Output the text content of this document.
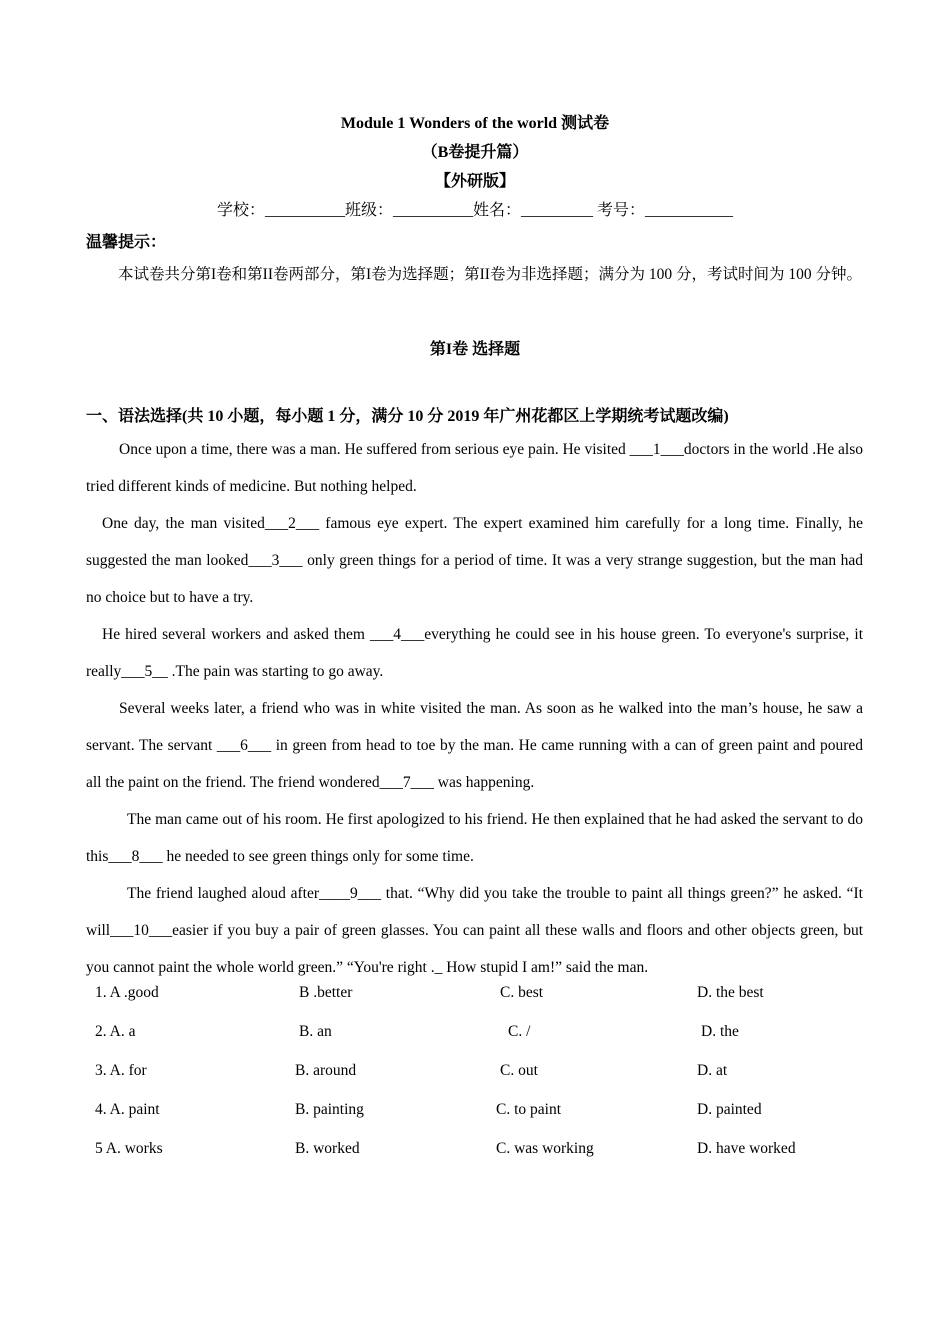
Module 1 Wonders of the world 测试卷
（B卷提升篇）
【外研版】
学校：__________班级：__________姓名：_________ 考号：___________
温馨提示：
本试卷共分第I卷和第II卷两部分，第I卷为选择题；第II卷为非选择题；满分为 100 分，考试时间为 100 分钟。
第I卷 选择题
一、语法选择(共 10 小题，每小题 1 分，满分 10 分 2019 年广州花都区上学期统考试题改编)

Once upon a time, there was a man. He suffered from serious eye pain. He visited ___1___doctors in the world .He also tried different kinds of medicine. But nothing helped.

One day, the man visited___2___ famous eye expert. The expert examined him carefully for a long time. Finally, he suggested the man looked___3___ only green things for a period of time. It was a very strange suggestion, but the man had no choice but to have a try.

He hired several workers and asked them ___4___everything he could see in his house green. To everyone's surprise, it really___5__ .The pain was starting to go away.

Several weeks later, a friend who was in white visited the man. As soon as he walked into the man’s house, he saw a servant. The servant ___6___ in green from head to toe by the man. He came running with a can of green paint and poured all the paint on the friend. The friend wondered___7___ was happening.

The man came out of his room. He first apologized to his friend. He then explained that he had asked the servant to do this___8___ he needed to see green things only for some time.

The friend laughed aloud after____9___ that. “Why did you take the trouble to paint all things green?” he asked. “It will___10___easier if you buy a pair of green glasses. You can paint all these walls and floors and other objects green, but you cannot paint the whole world green.” “You're right ._ How stupid I am!” said the man.

1. A .good	B .better	C. best	D. the best
2. A. a	B. an	C. /	D. the
3. A. for	B. around	C. out	D. at
4. A. paint	B. painting	C. to paint	D. painted
5 A. works	B. worked	C. was working	D. have worked
